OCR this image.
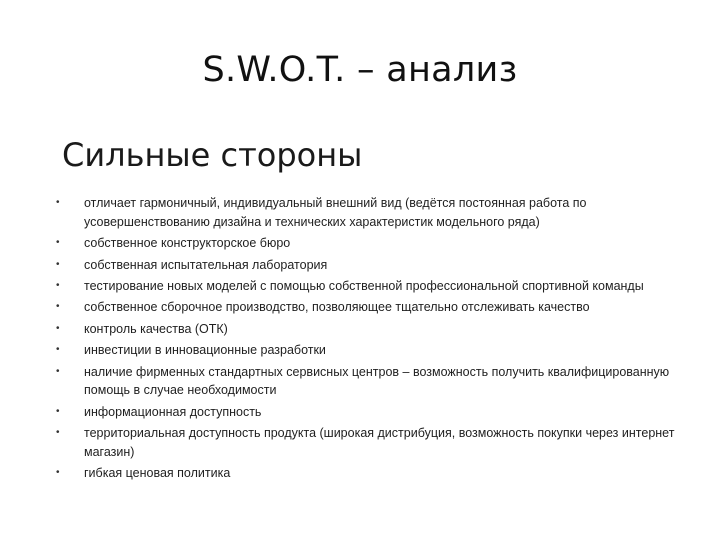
S.W.O.T. – анализ
Сильные стороны
• отличает гармоничный, индивидуальный внешний вид (ведётся постоянная работа по усовершенствованию дизайна и технических характеристик модельного ряда)
• собственное конструкторское бюро
• собственная испытательная лаборатория
• тестирование новых моделей с помощью собственной профессиональной спортивной команды
• собственное сборочное производство, позволяющее тщательно отслеживать качество
• контроль качества (ОТК)
• инвестиции в инновационные разработки
• наличие фирменных стандартных сервисных центров – возможность получить квалифицированную помощь в случае необходимости
• информационная доступность
• территориальная доступность продукта (широкая дистрибуция, возможность покупки через интернет магазин)
• гибкая ценовая политика
